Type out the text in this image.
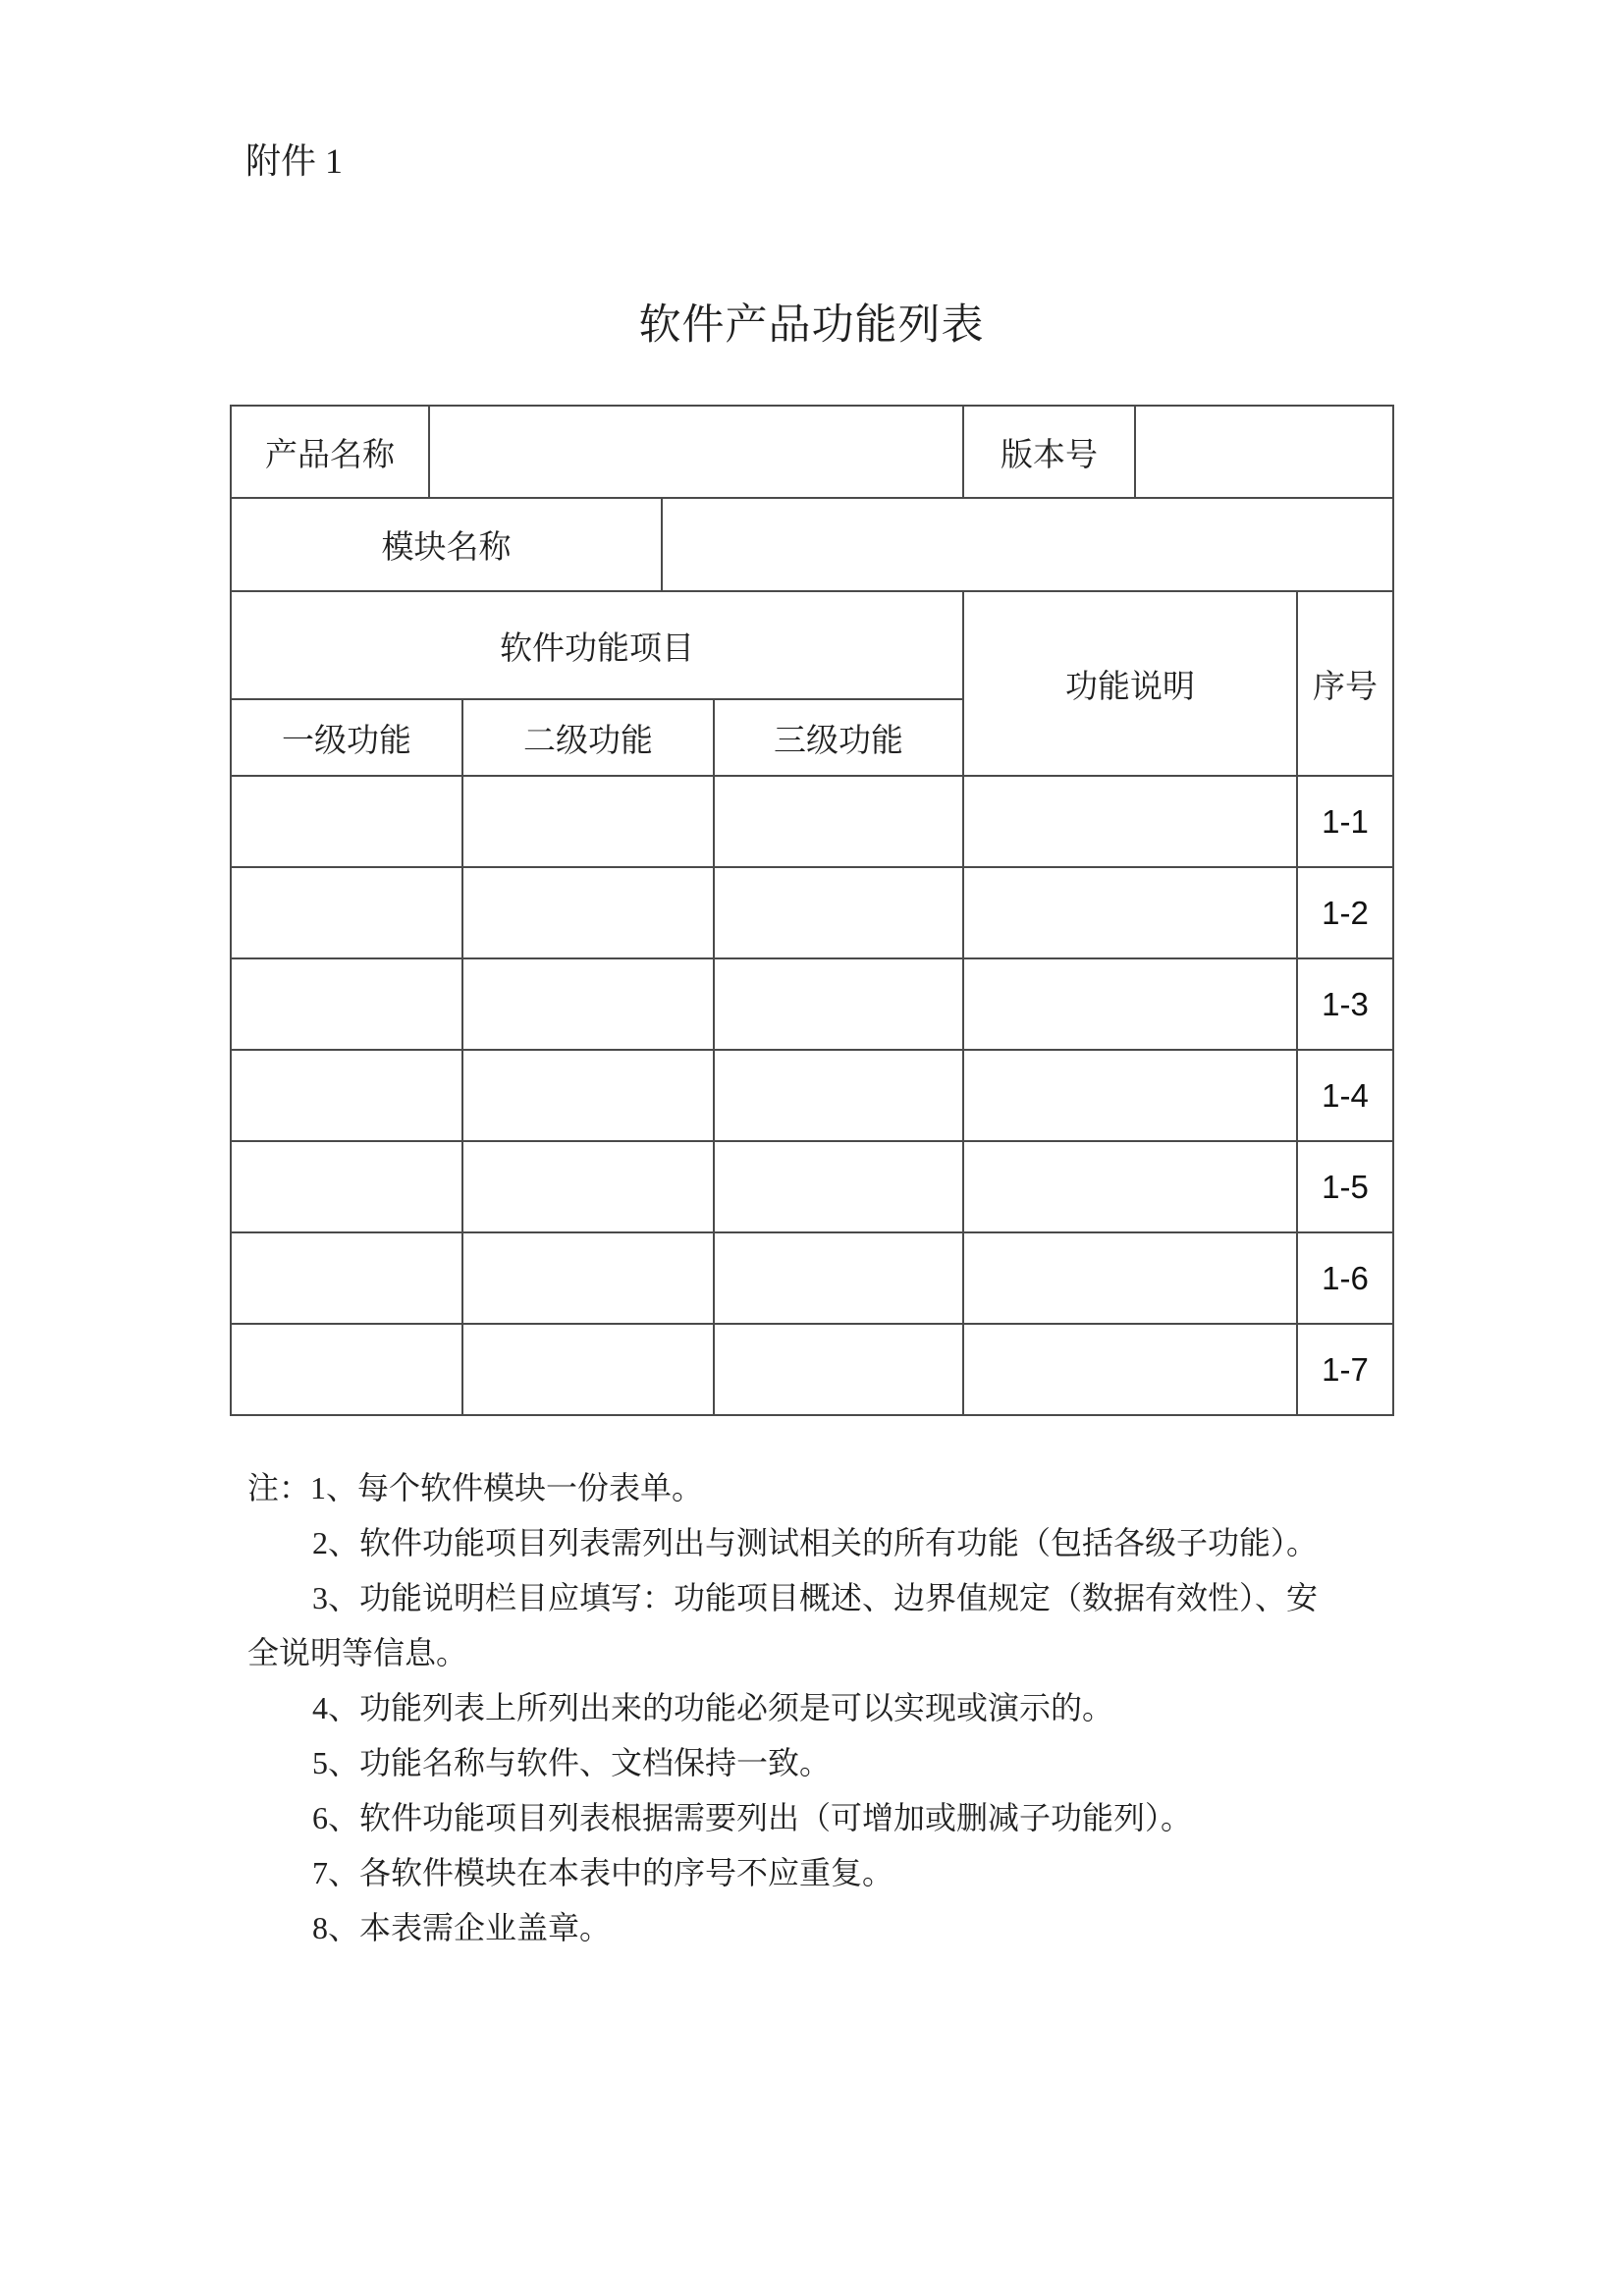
附件 1
软件产品功能列表
产品名称					版本号		
模块名称							
软件功能项目					功能说明		序号
一级功能		二级功能		三级功能			
							1-1
							1-2
							1-3
							1-4
							1-5
							1-6
							1-7
注：1、每个软件模块一份表单。
2、软件功能项目列表需列出与测试相关的所有功能（包括各级子功能）。
3、功能说明栏目应填写：功能项目概述、边界值规定（数据有效性）、安
全说明等信息。
4、功能列表上所列出来的功能必须是可以实现或演示的。
5、功能名称与软件、文档保持一致。
6、软件功能项目列表根据需要列出（可增加或删减子功能列）。
7、各软件模块在本表中的序号不应重复。
8、本表需企业盖章。
